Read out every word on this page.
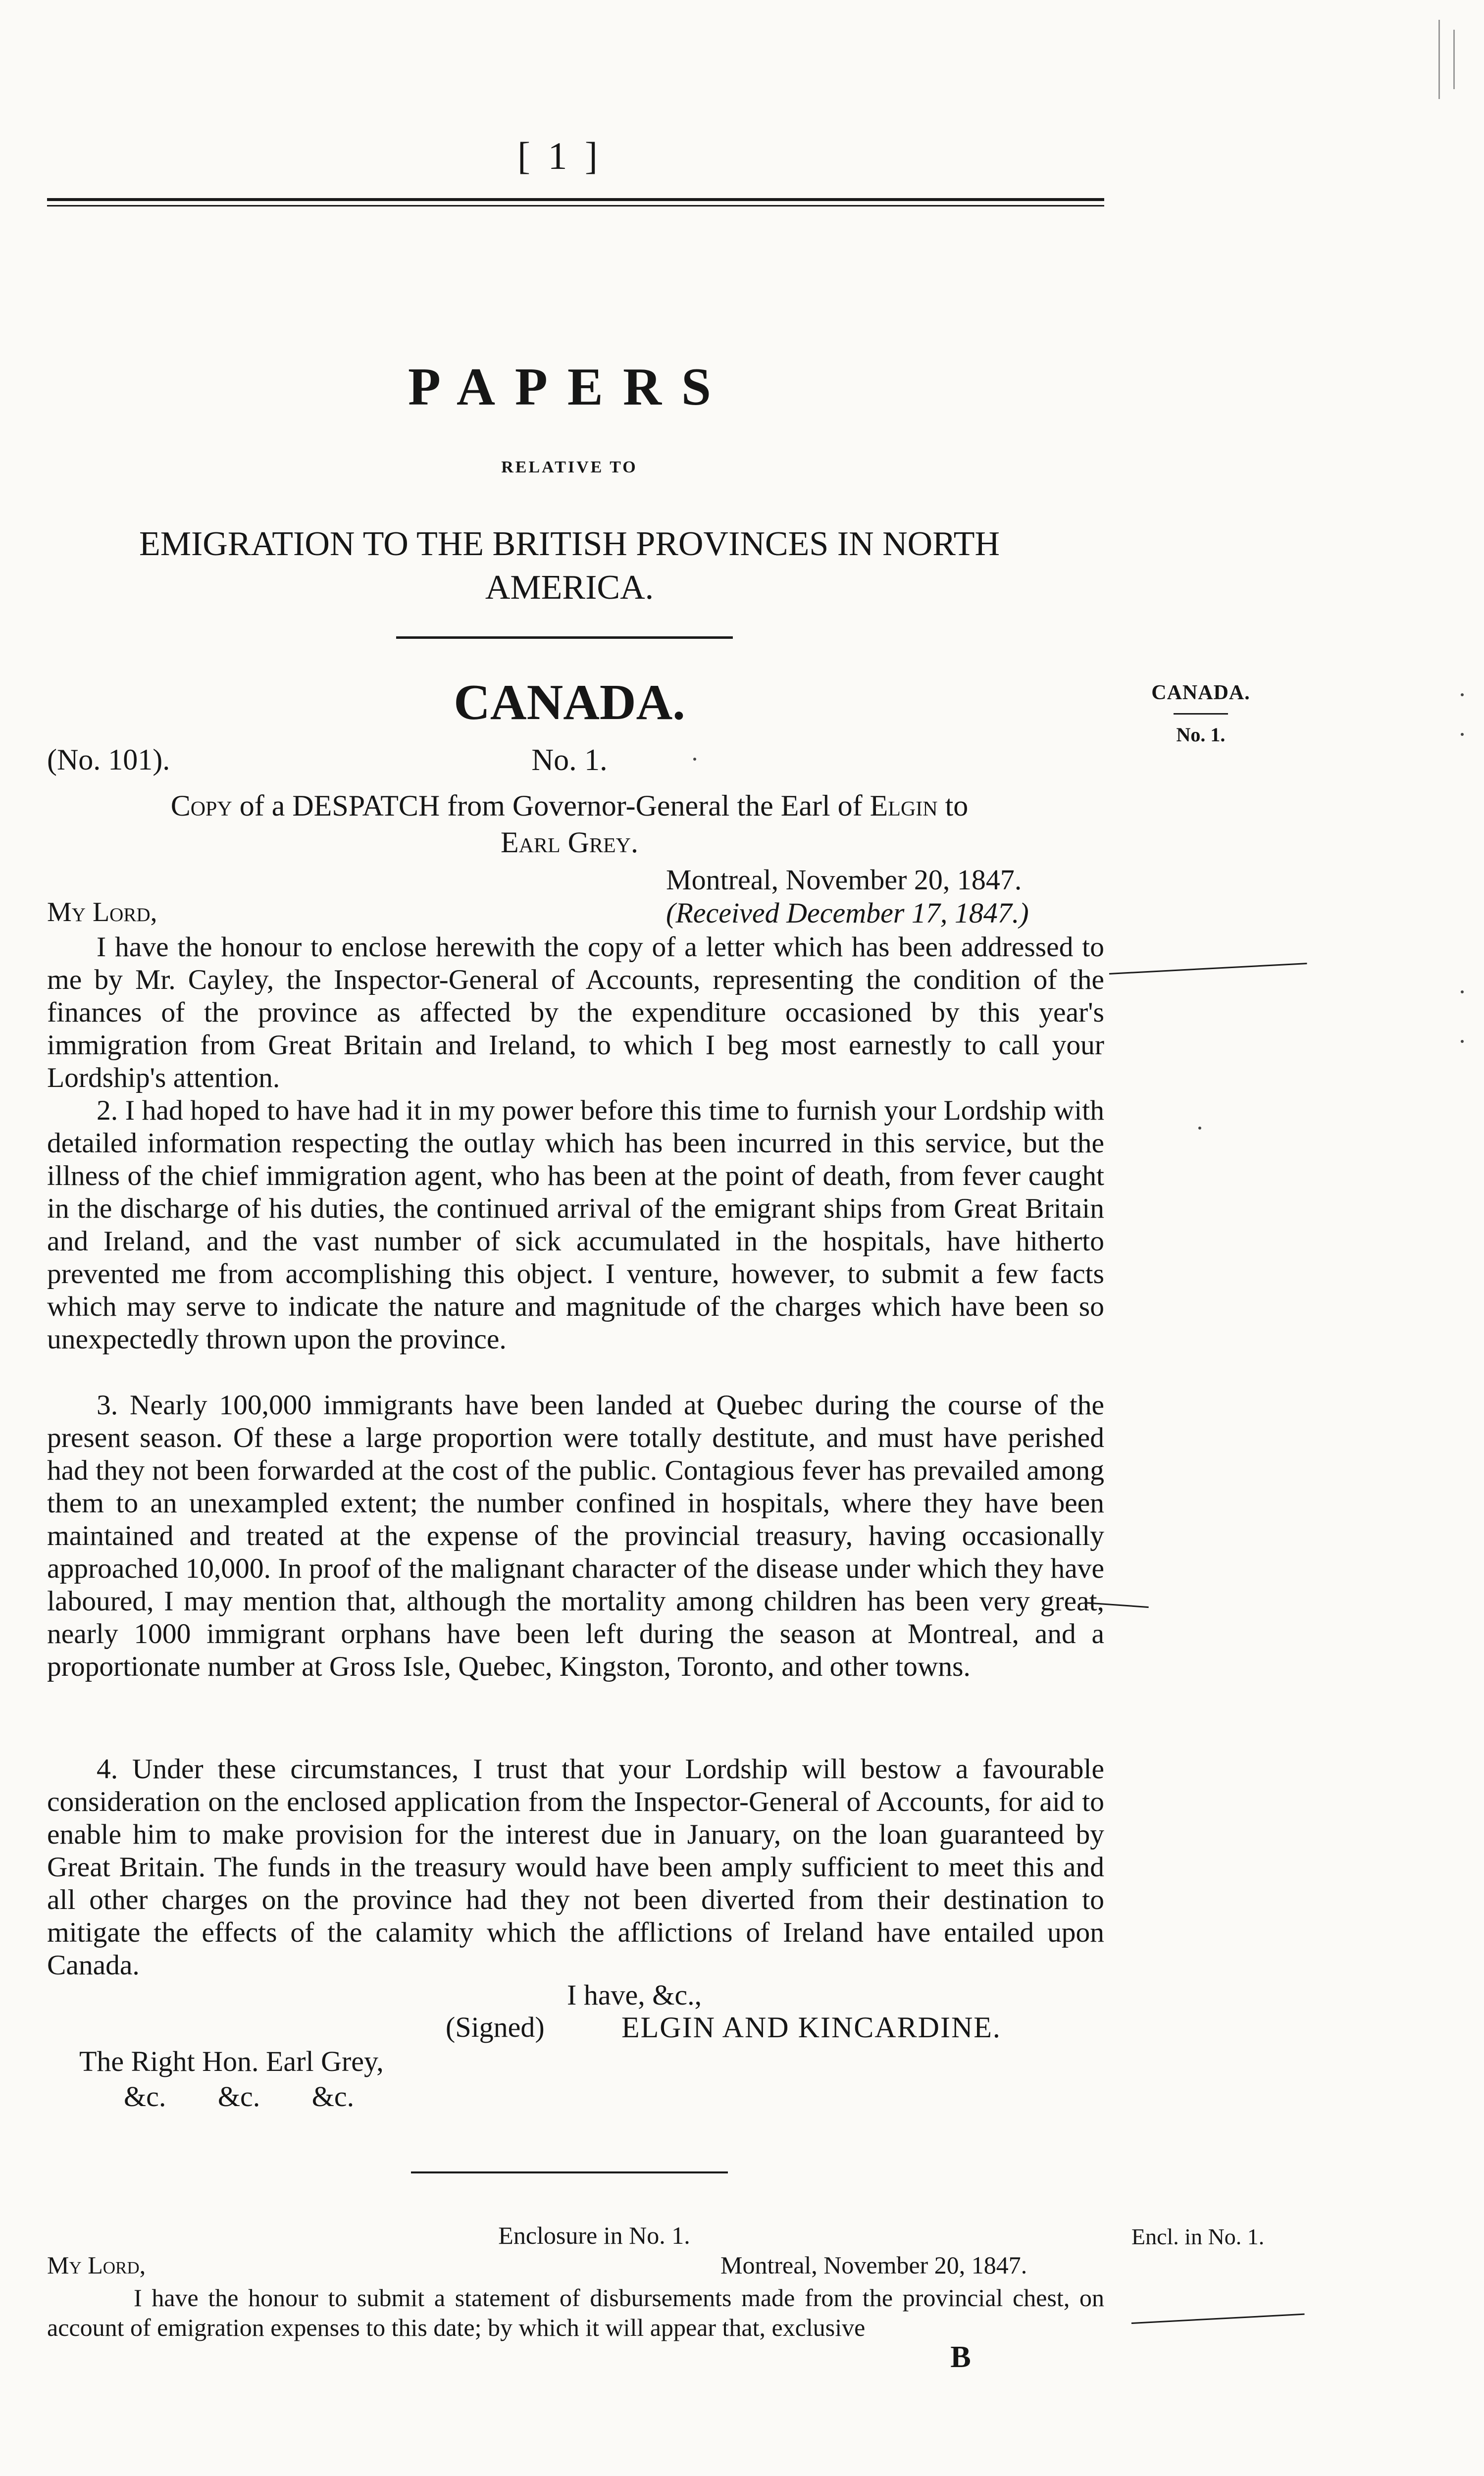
[ 1 ]
PAPERS
RELATIVE TO
EMIGRATION TO THE BRITISH PROVINCES IN NORTH AMERICA.
CANADA.	CANADA.
No. 1.
(No. 101).	No. 1.
Copy of a DESPATCH from Governor-General the Earl of Elgin to
Earl Grey.
Montreal, November 20, 1847.
My Lord,	(Received December 17, 1847.)

I have the honour to enclose herewith the copy of a letter which has been addressed to me by Mr. Cayley, the Inspector-General of Accounts, representing the condition of the finances of the province as affected by the expenditure occasioned by this year's immigration from Great Britain and Ireland, to which I beg most earnestly to call your Lordship's attention.

2. I had hoped to have had it in my power before this time to furnish your Lordship with detailed information respecting the outlay which has been incurred in this service, but the illness of the chief immigration agent, who has been at the point of death, from fever caught in the discharge of his duties, the continued arrival of the emigrant ships from Great Britain and Ireland, and the vast number of sick accumulated in the hospitals, have hitherto prevented me from accomplishing this object. I venture, however, to submit a few facts which may serve to indicate the nature and magnitude of the charges which have been so unexpectedly thrown upon the province.

3. Nearly 100,000 immigrants have been landed at Quebec during the course of the present season. Of these a large proportion were totally destitute, and must have perished had they not been forwarded at the cost of the public. Contagious fever has prevailed among them to an unexampled extent; the number confined in hospitals, where they have been maintained and treated at the expense of the provincial treasury, having occasionally approached 10,000. In proof of the malignant character of the disease under which they have laboured, I may mention that, although the mortality among children has been very great, nearly 1000 immigrant orphans have been left during the season at Montreal, and a proportionate number at Gross Isle, Quebec, Kingston, Toronto, and other towns.

4. Under these circumstances, I trust that your Lordship will bestow a favourable consideration on the enclosed application from the Inspector-General of Accounts, for aid to enable him to make provision for the interest due in January, on the loan guaranteed by Great Britain. The funds in the treasury would have been amply sufficient to meet this and all other charges on the province had they not been diverted from their destination to mitigate the effects of the calamity which the afflictions of Ireland have entailed upon Canada.

I have, &c.,
(Signed)	ELGIN AND KINCARDINE.
The Right Hon. Earl Grey,
&c. &c. &c.
Enclosure in No. 1.	Encl. in No. 1.
My Lord,	Montreal, November 20, 1847.

I have the honour to submit a statement of disbursements made from the provincial chest, on account of emigration expenses to this date; by which it will appear that, exclusive

B
